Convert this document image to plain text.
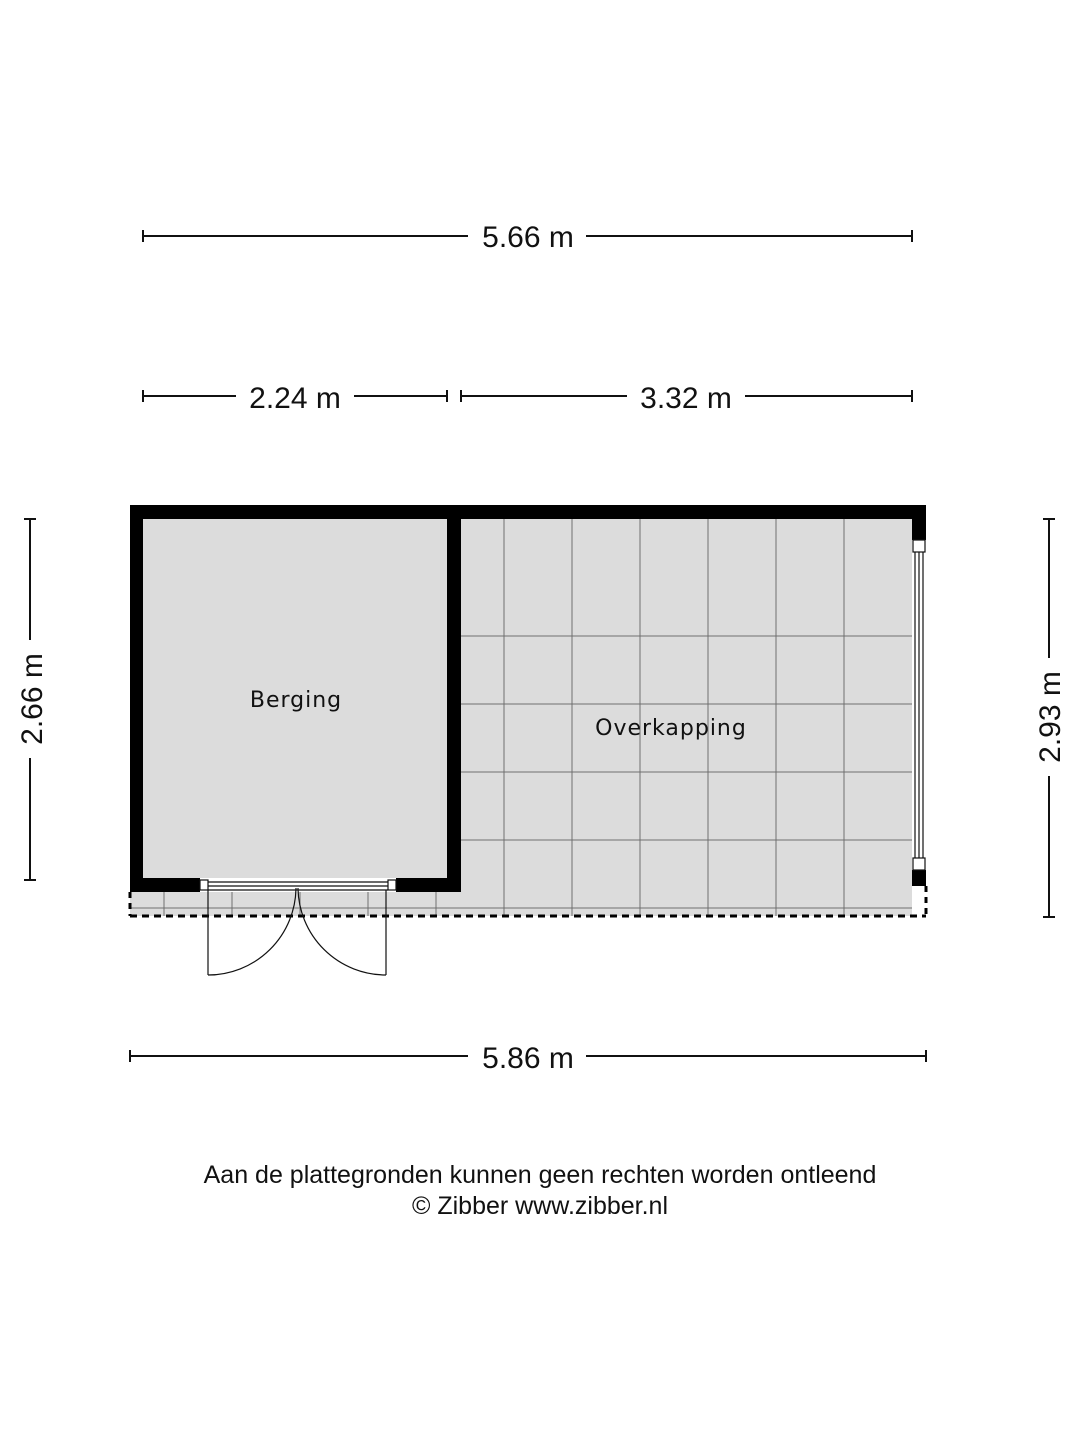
5.66 m
2.24 m	3.32 m
2.66 m	2.93 m
Berging
Overkapping
5.86 m
Aan de plattegronden kunnen geen rechten worden ontleend
© Zibber www.zibber.nl
